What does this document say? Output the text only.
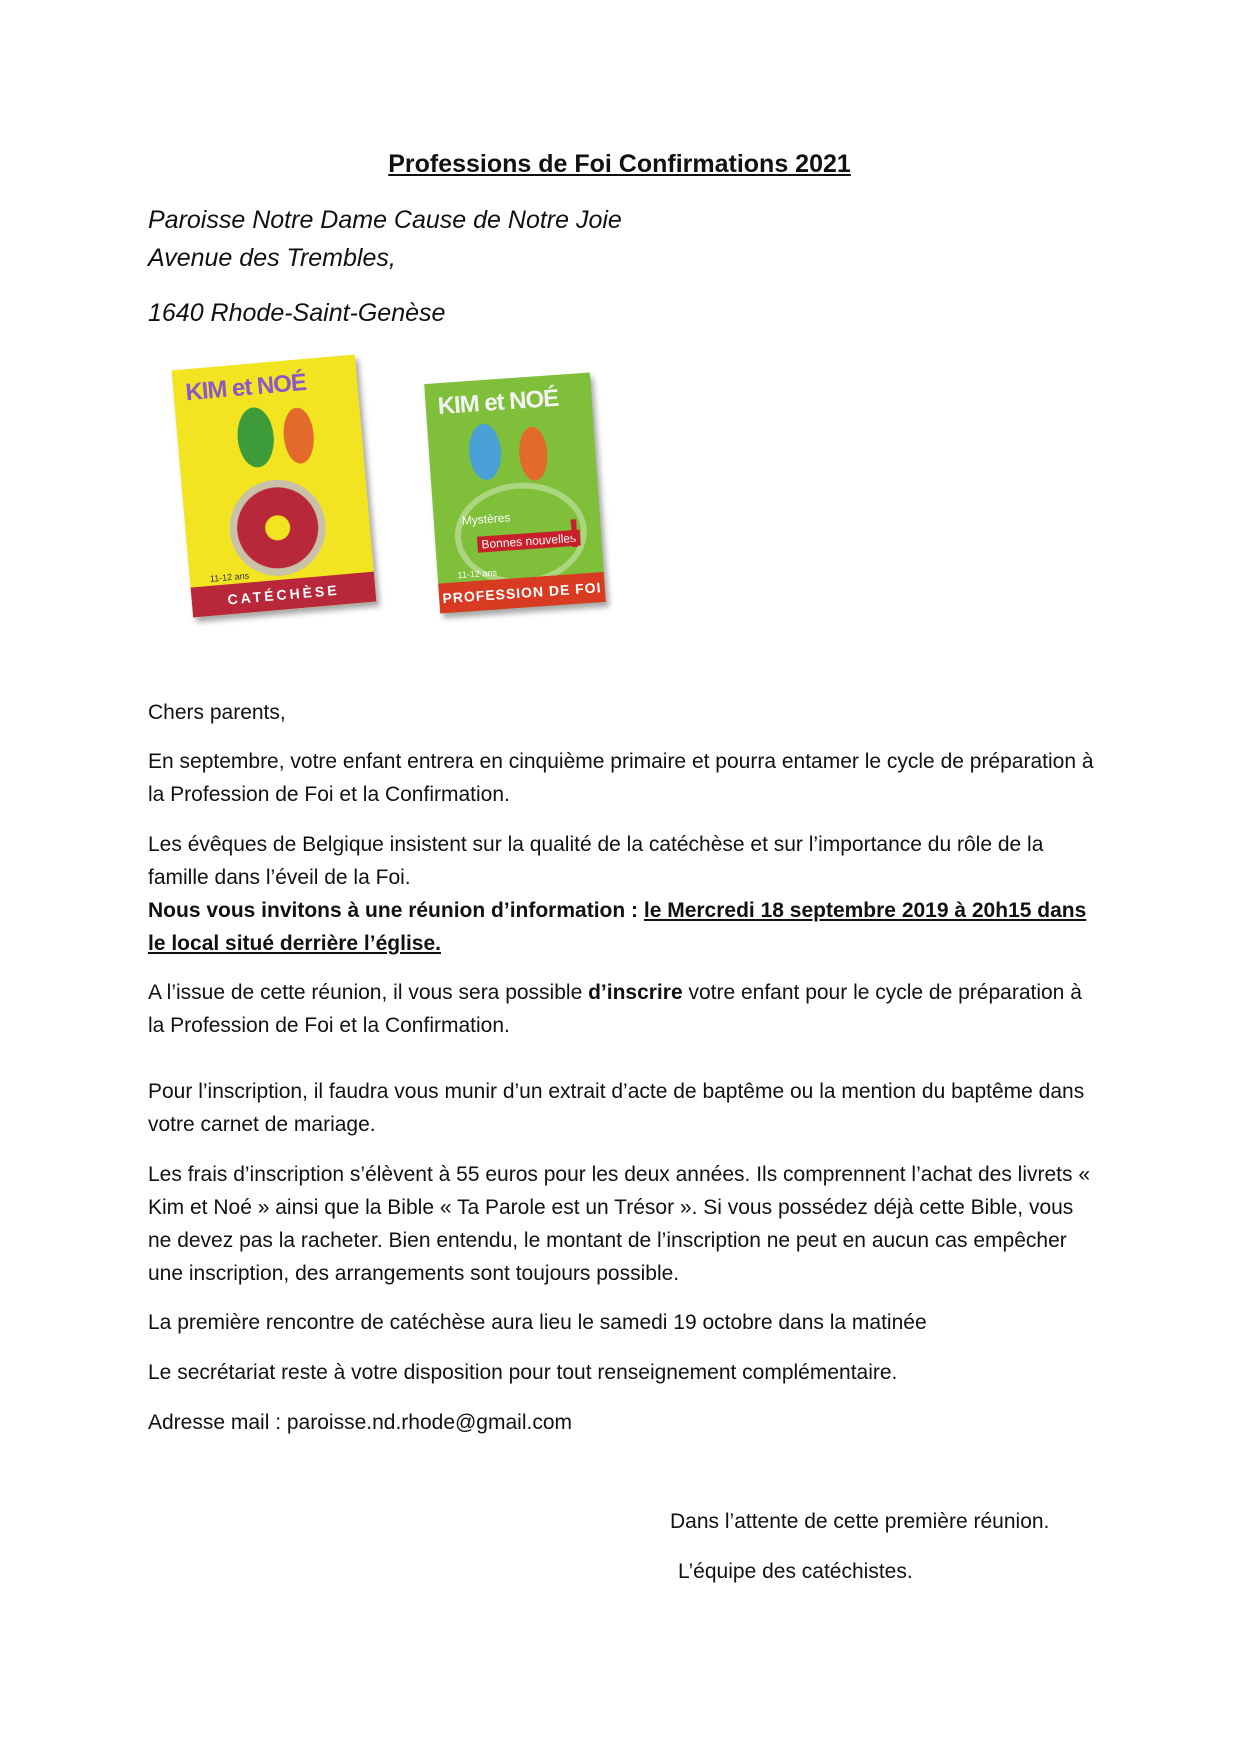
Professions de Foi Confirmations 2021
Paroisse Notre Dame Cause de Notre Joie
Avenue des Trembles,
1640 Rhode-Saint-Genèse
KIM et NOÉ
11-12 ans
CATÉCHÈSE
KIM et NOÉ
Mystères
Bonnes nouvelles
!
11-12 ans
PROFESSION DE FOI
Chers parents,
En septembre, votre enfant entrera en cinquième primaire et pourra entamer le cycle de préparation à la Profession de Foi et la Confirmation.
Les évêques de Belgique insistent sur la qualité de la catéchèse et sur l’importance du rôle de la famille dans l’éveil de la Foi.
Nous vous invitons à une réunion d’information : le Mercredi 18 septembre 2019 à 20h15 dans le local situé derrière l’église.
A l’issue de cette réunion, il vous sera possible d’inscrire votre enfant pour le cycle de préparation à la Profession de Foi et la Confirmation.
Pour l’inscription, il faudra vous munir d’un extrait d’acte de baptême ou la mention du baptême dans votre carnet de mariage.
Les frais d’inscription s’élèvent à 55 euros pour les deux années. Ils comprennent l’achat des livrets « Kim et Noé » ainsi que la Bible « Ta Parole est un Trésor ». Si vous possédez déjà cette Bible, vous ne devez pas la racheter. Bien entendu, le montant de l’inscription ne peut en aucun cas empêcher une inscription, des arrangements sont toujours possible.
La première rencontre de catéchèse aura lieu le samedi 19 octobre dans la matinée
Le secrétariat reste à votre disposition pour tout renseignement complémentaire.
Adresse mail : paroisse.nd.rhode@gmail.com
Dans l’attente de cette première réunion.
L’équipe des catéchistes.
